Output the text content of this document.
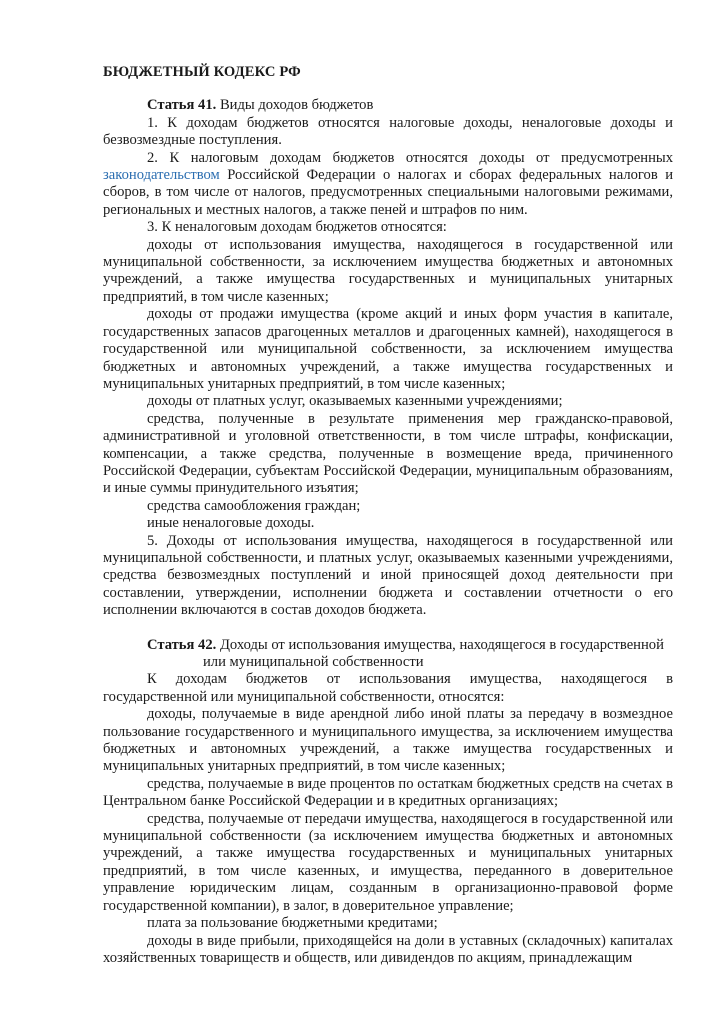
БЮДЖЕТНЫЙ КОДЕКС РФ
Статья 41. Виды доходов бюджетов

1. К доходам бюджетов относятся налоговые доходы, неналоговые доходы и безвозмездные поступления.

2. К налоговым доходам бюджетов относятся доходы от предусмотренных законодательством Российской Федерации о налогах и сборах федеральных налогов и сборов, в том числе от налогов, предусмотренных специальными налоговыми режимами, региональных и местных налогов, а также пеней и штрафов по ним.

3. К неналоговым доходам бюджетов относятся:

доходы от использования имущества, находящегося в государственной или муниципальной собственности, за исключением имущества бюджетных и автономных учреждений, а также имущества государственных и муниципальных унитарных предприятий, в том числе казенных;

доходы от продажи имущества (кроме акций и иных форм участия в капитале, государственных запасов драгоценных металлов и драгоценных камней), находящегося в государственной или муниципальной собственности, за исключением имущества бюджетных и автономных учреждений, а также имущества государственных и муниципальных унитарных предприятий, в том числе казенных;

доходы от платных услуг, оказываемых казенными учреждениями;

средства, полученные в результате применения мер гражданско-правовой, административной и уголовной ответственности, в том числе штрафы, конфискации, компенсации, а также средства, полученные в возмещение вреда, причиненного Российской Федерации, субъектам Российской Федерации, муниципальным образованиям, и иные суммы принудительного изъятия;

средства самообложения граждан;

иные неналоговые доходы.

5. Доходы от использования имущества, находящегося в государственной или муниципальной собственности, и платных услуг, оказываемых казенными учреждениями, средства безвозмездных поступлений и иной приносящей доход деятельности при составлении, утверждении, исполнении бюджета и составлении отчетности о его исполнении включаются в состав доходов бюджета.

Статья 42. Доходы от использования имущества, находящегося в государственной
или муниципальной собственности

К доходам бюджетов от использования имущества, находящегося в государственной или муниципальной собственности, относятся:

доходы, получаемые в виде арендной либо иной платы за передачу в возмездное пользование государственного и муниципального имущества, за исключением имущества бюджетных и автономных учреждений, а также имущества государственных и муниципальных унитарных предприятий, в том числе казенных;

средства, получаемые в виде процентов по остаткам бюджетных средств на счетах в Центральном банке Российской Федерации и в кредитных организациях;

средства, получаемые от передачи имущества, находящегося в государственной или муниципальной собственности (за исключением имущества бюджетных и автономных учреждений, а также имущества государственных и муниципальных унитарных предприятий, в том числе казенных, и имущества, переданного в доверительное управление юридическим лицам, созданным в организационно-правовой форме государственной компании), в залог, в доверительное управление;

плата за пользование бюджетными кредитами;

доходы в виде прибыли, приходящейся на доли в уставных (складочных) капиталах хозяйственных товариществ и обществ, или дивидендов по акциям, принадлежащим
